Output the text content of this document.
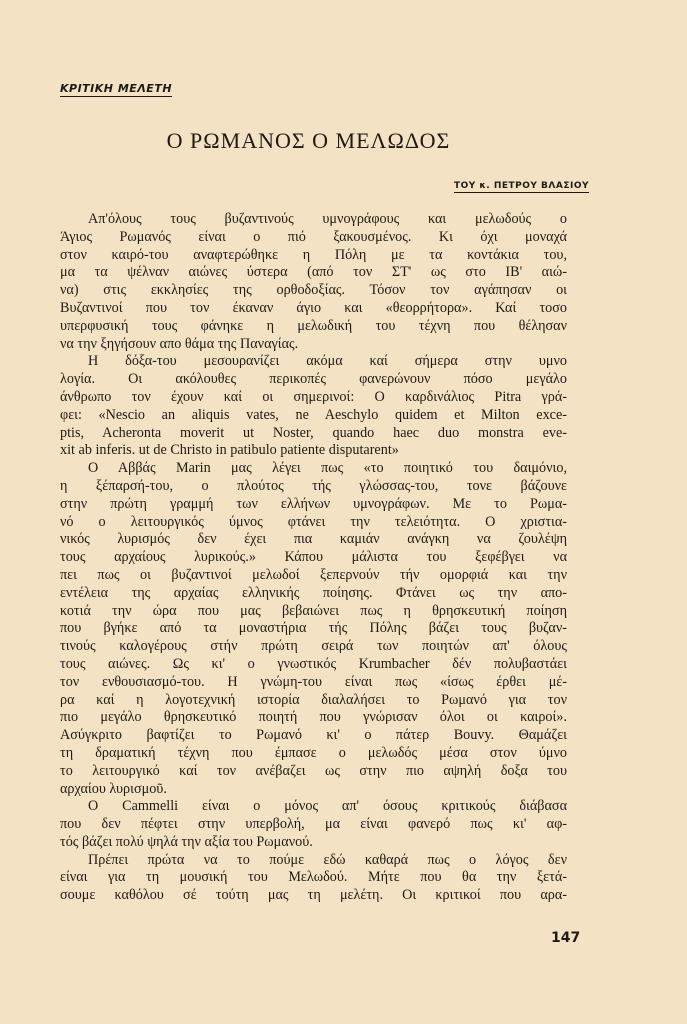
ΚΡΙΤΙΚΗ ΜΕΛΕΤΗ
Ο ΡΩΜΑΝΟΣ Ο ΜΕΛΩΔΟΣ
ΤΟΥ κ. ΠΕΤΡΟΥ ΒΛΑΣΙΟΥ
Απ'όλους τους βυζαντινούς υμνογράφους και μελωδούς ο
Άγιος Ρωμανός είναι ο πιό ξακουσμένος. Κι όχι μοναχά
στον καιρό-του αναφτερώθηκε η Πόλη με τα κοντάκια του,
μα τα ψέλναν αιώνες ύστερα (από τον ΣΤ' ως στο ΙΒ' αιώ-
να) στις εκκλησίες της ορθοδοξίας. Τόσον τον αγάπησαν οι
Βυζαντινοί που τον έκαναν άγιο και «θεορρήτορα». Καί τοσο
υπερφυσική τους φάνηκε η μελωδική του τέχνη που θέλησαν
να την ξηγήσουν απο θάμα της Παναγίας.
Η δόξα-του μεσουρανίζει ακόμα καί σήμερα στην υμνο
λογία. Οι ακόλουθες περικοπές φανερώνουν πόσο μεγάλο
άνθρωπο τον έχουν καί οι σημερινοί: Ο καρδινάλιος Pitra γρά-
φει: «Nescio an aliquis vates, ne Aeschylo quidem et Milton exce-
ptis, Acheronta moverit ut Noster, quando haec duo monstra eve-
xit ab inferis. ut de Christo in patibulo patiente disputarent»
Ο Αββάς Marin μας λέγει πως «το ποιητικό του δαιμόνιο,
η ξέπαρσή-του, ο πλούτος τής γλώσσας-του, τονε βάζουνε
στην πρώτη γραμμή των ελλήνων υμνογράφων. Με το Ρωμα-
νό ο λειτουργικός ύμνος φτάνει την τελειότητα. Ο χριστια-
νικός λυρισμός δεν έχει πια καμιάν ανάγκη να ζουλέψη
τους αρχαίους λυρικούς.» Κάπου μάλιστα του ξεφέβγει να
πει πως οι βυζαντινοί μελωδοί ξεπερνούν τήν ομορφιά και την
εντέλεια της αρχαίας ελληνικής ποίησης. Φτάνει ως την απο-
κοτιά την ώρα που μας βεβαιώνει πως η θρησκευτική ποίηση
που βγήκε από τα μοναστήρια τής Πόλης βάζει τους βυζαν-
τινούς καλογέρους στήν πρώτη σειρά των ποιητών απ' όλους
τους αιώνες. Ως κι' ο γνωστικός Krumbacher δέν πολυβαστάει
τον ενθουσιασμό-του. Η γνώμη-του είναι πως «ίσως έρθει μέ-
ρα καί η λογοτεχνική ιστορία διαλαλήσει το Ρωμανό για τον
πιο μεγάλο θρησκευτικό ποιητή που γνώρισαν όλοι οι καιροί».
Ασύγκριτο βαφτίζει το Ρωμανό κι' ο πάτερ Bouvy. Θαμάζει
τη δραματική τέχνη που έμπασε ο μελωδός μέσα στον ύμνο
το λειτουργικό καί τον ανέβαζει ως στην πιο αψηλή δοξα του
αρχαίου λυρισμοῦ.
Ο Cammelli είναι ο μόνος απ' όσους κριτικούς διάβασα
που δεν πέφτει στην υπερβολή, μα είναι φανερό πως κι' αφ-
τός βάζει πολύ ψηλά την αξία του Ρωμανού.
Πρέπει πρώτα να το πούμε εδώ καθαρά πως ο λόγος δεν
είναι για τη μουσική του Μελωδού. Μήτε που θα την ξετά-
σουμε καθόλου σέ τούτη μας τη μελέτη. Οι κριτικοί που αρα-
147
